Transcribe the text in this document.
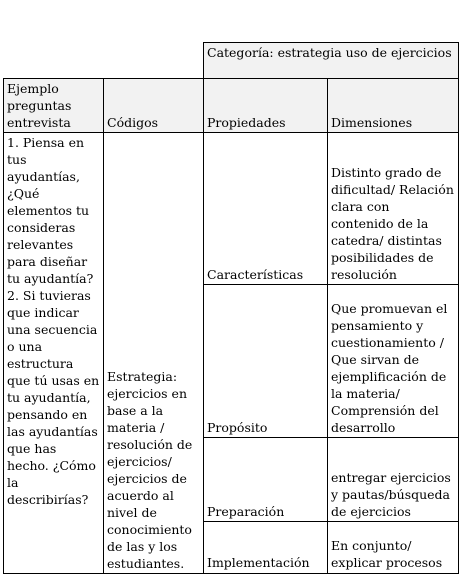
		Categoría: estrategia uso de ejercicios	
Ejemplo preguntas entrevista	Códigos	Propiedades	Dimensiones
1. Piensa en tus ayudantías, ¿Qué elementos tu consideras relevantes para diseñar tu ayudantía? 2. Si tuvieras que indicar una secuencia o una estructura que tú usas en tu ayudantía, pensando en las ayudantías que has hecho. ¿Cómo la describirías?	Estrategia: ejercicios en base a la materia / resolución de ejercicios/ ejercicios de acuerdo al nivel de conocimiento de las y los estudiantes.	Características	Distinto grado de dificultad/ Relación clara con contenido de la catedra/ distintas posibilidades de resolución
		Propósito	Que promuevan el pensamiento y cuestionamiento / Que sirvan de ejemplificación de la materia/ Comprensión del desarrollo
		Preparación	entregar ejercicios y pautas/búsqueda de ejercicios
		Implementación	En conjunto/ explicar procesos
